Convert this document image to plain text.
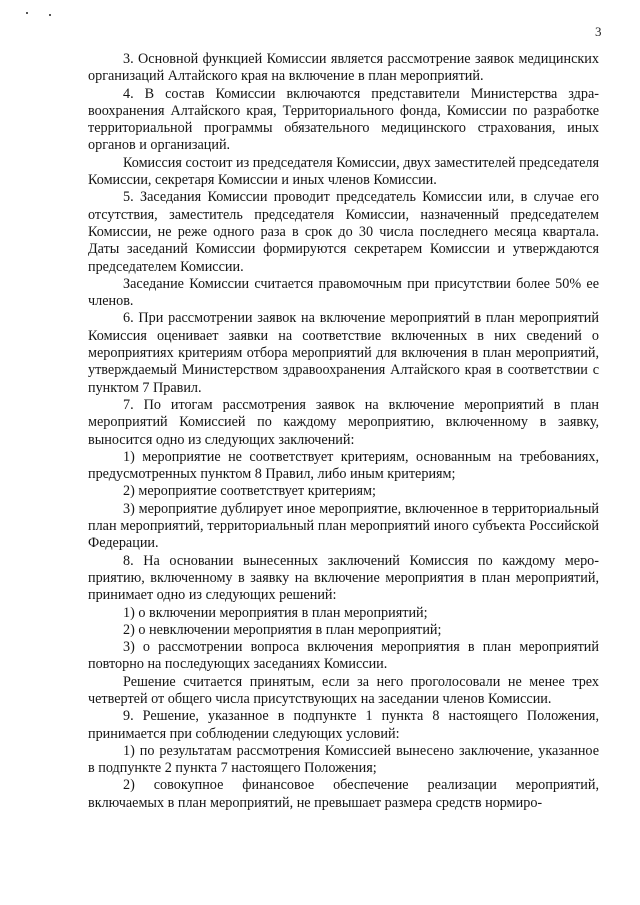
3

3. Основной функцией Комиссии является рассмотрение заявок медицинских организаций Алтайского края на включение в план мероприятий.

4. В состав Комиссии включаются представители Министерства здравоохранения Алтайского края, Территориального фонда, Комиссии по разработке территориальной программы обязательного медицинского страхования, иных органов и организаций.

Комиссия состоит из председателя Комиссии, двух заместителей председателя Комиссии, секретаря Комиссии и иных членов Комиссии.

5. Заседания Комиссии проводит председатель Комиссии или, в случае его отсутствия, заместитель председателя Комиссии, назначенный председателем Комиссии, не реже одного раза в срок до 30 числа последнего месяца квартала. Даты заседаний Комиссии формируются секретарем Комиссии и утверждаются председателем Комиссии.

Заседание Комиссии считается правомочным при присутствии более 50% ее членов.

6. При рассмотрении заявок на включение мероприятий в план мероприятий Комиссия оценивает заявки на соответствие включенных в них сведений о мероприятиях критериям отбора мероприятий для включения в план мероприятий, утверждаемый Министерством здравоохранения Алтайского края в соответствии с пунктом 7 Правил.

7. По итогам рассмотрения заявок на включение мероприятий в план мероприятий Комиссией по каждому мероприятию, включенному в заявку, выносится одно из следующих заключений:

1) мероприятие не соответствует критериям, основанным на требованиях, предусмотренных пунктом 8 Правил, либо иным критериям;

2) мероприятие соответствует критериям;

3) мероприятие дублирует иное мероприятие, включенное в территориальный план мероприятий, территориальный план мероприятий иного субъекта Российской Федерации.

8. На основании вынесенных заключений Комиссия по каждому мероприятию, включенному в заявку на включение мероприятия в план мероприятий, принимает одно из следующих решений:

1) о включении мероприятия в план мероприятий;

2) о невключении мероприятия в план мероприятий;

3) о рассмотрении вопроса включения мероприятия в план мероприятий повторно на последующих заседаниях Комиссии.

Решение считается принятым, если за него проголосовали не менее трех четвертей от общего числа присутствующих на заседании членов Комиссии.

9. Решение, указанное в подпункте 1 пункта 8 настоящего Положения, принимается при соблюдении следующих условий:

1) по результатам рассмотрения Комиссией вынесено заключение, указанное в подпункте 2 пункта 7 настоящего Положения;

2) совокупное финансовое обеспечение реализации мероприятий, включаемых в план мероприятий, не превышает размера средств нормиро-
